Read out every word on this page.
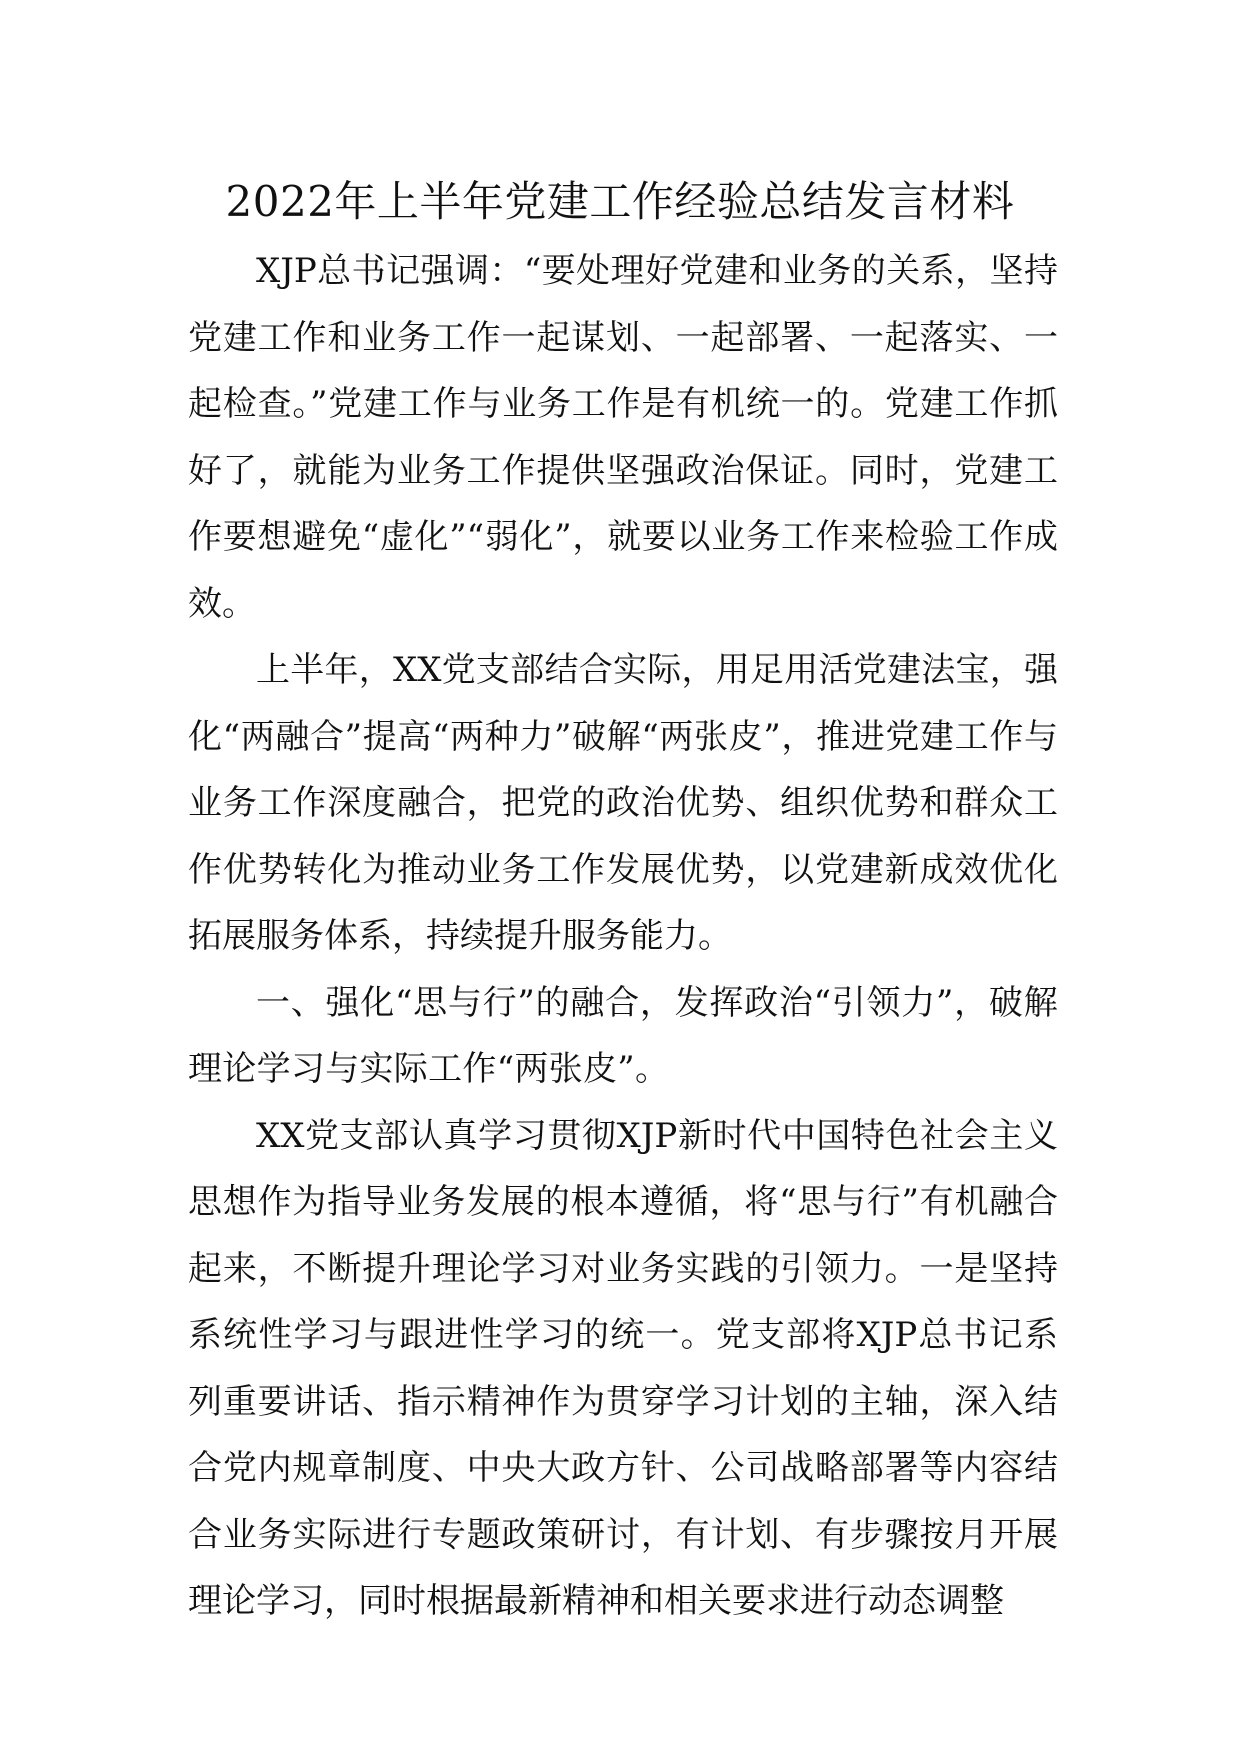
2022年上半年党建工作经验总结发言材料

XJP总书记强调：“要处理好党建和业务的关系，坚持党建工作和业务工作一起谋划、一起部署、一起落实、一起检查。”党建工作与业务工作是有机统一的。党建工作抓好了，就能为业务工作提供坚强政治保证。同时，党建工作要想避免“虚化”“弱化”，就要以业务工作来检验工作成效。

上半年，XX党支部结合实际，用足用活党建法宝，强化“两融合”提高“两种力”破解“两张皮”，推进党建工作与业务工作深度融合，把党的政治优势、组织优势和群众工作优势转化为推动业务工作发展优势，以党建新成效优化拓展服务体系，持续提升服务能力。

一、强化“思与行”的融合，发挥政治“引领力”，破解理论学习与实际工作“两张皮”。

XX党支部认真学习贯彻XJP新时代中国特色社会主义思想作为指导业务发展的根本遵循，将“思与行”有机融合起来，不断提升理论学习对业务实践的引领力。一是坚持系统性学习与跟进性学习的统一。党支部将XJP总书记系列重要讲话、指示精神作为贯穿学习计划的主轴，深入结合党内规章制度、中央大政方针、公司战略部署等内容结合业务实际进行专题政策研讨，有计划、有步骤按月开展理论学习，同时根据最新精神和相关要求进行动态调整
